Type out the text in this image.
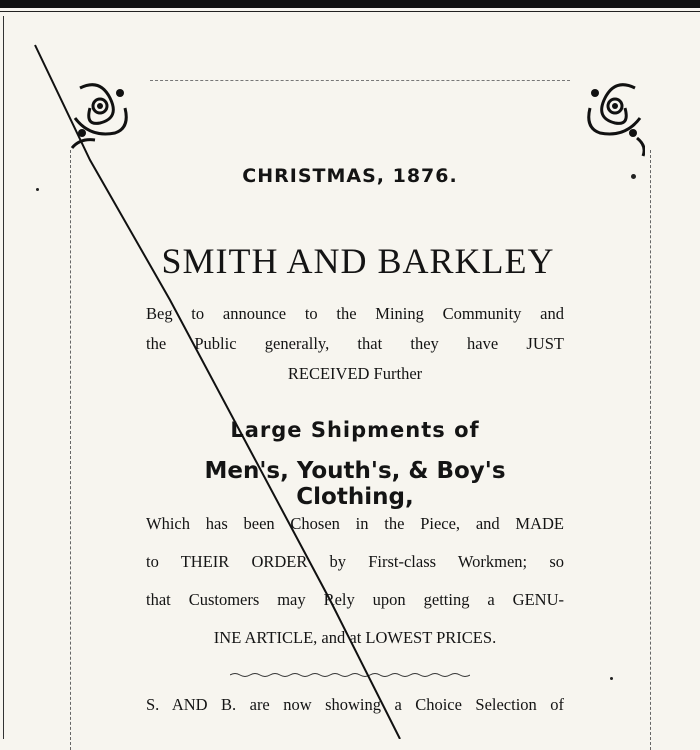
CHRISTMAS, 1876.
SMITH AND BARKLEY
Beg to announce to the Mining Community and
the Public generally, that they have JUST
RECEIVED Further
Large Shipments of
Men's, Youth's, & Boy's Clothing,
Which has been Chosen in the Piece, and MADE
to THEIR ORDER by First-class Workmen; so
that Customers may Rely upon getting a GENU-
INE ARTICLE, and at LOWEST PRICES.
S. AND B. are now showing a Choice Selection of
